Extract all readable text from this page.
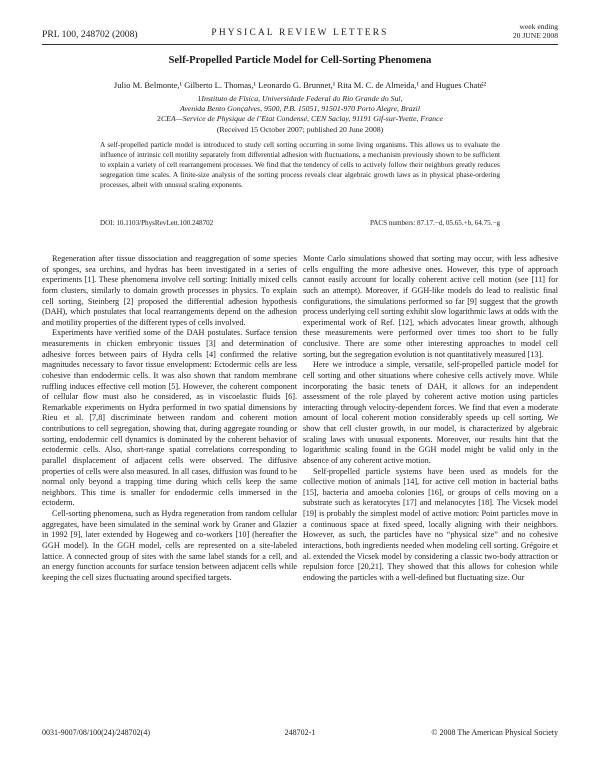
PRL 100, 248702 (2008)	PHYSICAL REVIEW LETTERS
week ending
20 JUNE 2008
Self-Propelled Particle Model for Cell-Sorting Phenomena
Julio M. Belmonte,¹ Gilberto L. Thomas,¹ Leonardo G. Brunnet,¹ Rita M. C. de Almeida,¹ and Hugues Chaté²
1Instituto de Física, Universidade Federal do Rio Grande do Sul,
Avenida Bento Gonçalves, 9500, P.B. 15051, 91501-970 Porto Alegre, Brazil
2CEA—Service de Physique de l’Etat Condensé, CEN Saclay, 91191 Gif-sur-Yvette, France
(Received 15 October 2007; published 20 June 2008)
A self-propelled particle model is introduced to study cell sorting occurring in some living organisms. This allows us to evaluate the influence of intrinsic cell motility separately from differential adhesion with fluctuations, a mechanism previously shown to be sufficient to explain a variety of cell rearrangement processes. We find that the tendency of cells to actively follow their neighbors greatly reduces segregation time scales. A finite-size analysis of the sorting process reveals clear algebraic growth laws as in physical phase-ordering processes, albeit with unusual scaling exponents.
DOI: 10.1103/PhysRevLett.100.248702	PACS numbers: 87.17.−d, 05.65.+b, 64.75.−g

Regeneration after tissue dissociation and reaggregation of some species of sponges, sea urchins, and hydras has been investigated in a series of experiments [1]. These phenomena involve cell sorting: Initially mixed cells form clusters, similarly to domain growth processes in physics. To explain cell sorting, Steinberg [2] proposed the differential adhesion hypothesis (DAH), which postulates that local rearrangements depend on the adhesion and motility properties of the different types of cells involved.

Experiments have verified some of the DAH postulates. Surface tension measurements in chicken embryonic tissues [3] and determination of adhesive forces between pairs of Hydra cells [4] confirmed the relative magnitudes necessary to favor tissue envelopment: Ectodermic cells are less cohesive than endodermic cells. It was also shown that random membrane ruffling induces effective cell motion [5]. However, the coherent component of cellular flow must also be considered, as in viscoelastic fluids [6]. Remarkable experiments on Hydra performed in two spatial dimensions by Rieu et al. [7,8] discriminate between random and coherent motion contributions to cell segregation, showing that, during aggregate rounding or sorting, endodermic cell dynamics is dominated by the coherent behavior of ectodermic cells. Also, short-range spatial correlations corresponding to parallel displacement of adjacent cells were observed. The diffusive properties of cells were also measured. In all cases, diffusion was found to be normal only beyond a trapping time during which cells keep the same neighbors. This time is smaller for endodermic cells immersed in the ectoderm.

Cell-sorting phenomena, such as Hydra regeneration from random cellular aggregates, have been simulated in the seminal work by Graner and Glazier in 1992 [9], later extended by Hogeweg and co-workers [10] (hereafter the GGH model). In the GGH model, cells are represented on a site-labeled lattice. A connected group of sites with the same label stands for a cell, and an energy function accounts for surface tension between adjacent cells while keeping the cell sizes fluctuating around specified targets.

Monte Carlo simulations showed that sorting may occur, with less adhesive cells engulfing the more adhesive ones. However, this type of approach cannot easily account for locally coherent active cell motion (see [11] for such an attempt). Moreover, if GGH-like models do lead to realistic final configurations, the simulations performed so far [9] suggest that the growth process underlying cell sorting exhibit slow logarithmic laws at odds with the experimental work of Ref. [12], which advocates linear growth, although these measurements were performed over times too short to be fully conclusive. There are some other interesting approaches to model cell sorting, but the segregation evolution is not quantitatively measured [13].

Here we introduce a simple, versatile, self-propelled particle model for cell sorting and other situations where cohesive cells actively move. While incorporating the basic tenets of DAH, it allows for an independent assessment of the role played by coherent active motion using particles interacting through velocity-dependent forces. We find that even a moderate amount of local coherent motion considerably speeds up cell sorting. We show that cell cluster growth, in our model, is characterized by algebraic scaling laws with unusual exponents. Moreover, our results hint that the logarithmic scaling found in the GGH model might be valid only in the absence of any coherent active motion.

Self-propelled particle systems have been used as models for the collective motion of animals [14], for active cell motion in bacterial baths [15], bacteria and amoeba colonies [16], or groups of cells moving on a substrate such as keratocytes [17] and melanocytes [18]. The Vicsek model [19] is probably the simplest model of active motion: Point particles move in a continuous space at fixed speed, locally aligning with their neighbors. However, as such, the particles have no “physical size” and no cohesive interactions, both ingredients needed when modeling cell sorting. Grégoire et al. extended the Vicsek model by considering a classic two-body attraction or repulsion force [20,21]. They showed that this allows for cohesion while endowing the particles with a well-defined but fluctuating size. Our

0031-9007/08/100(24)/248702(4)	248702-1	© 2008 The American Physical Society
